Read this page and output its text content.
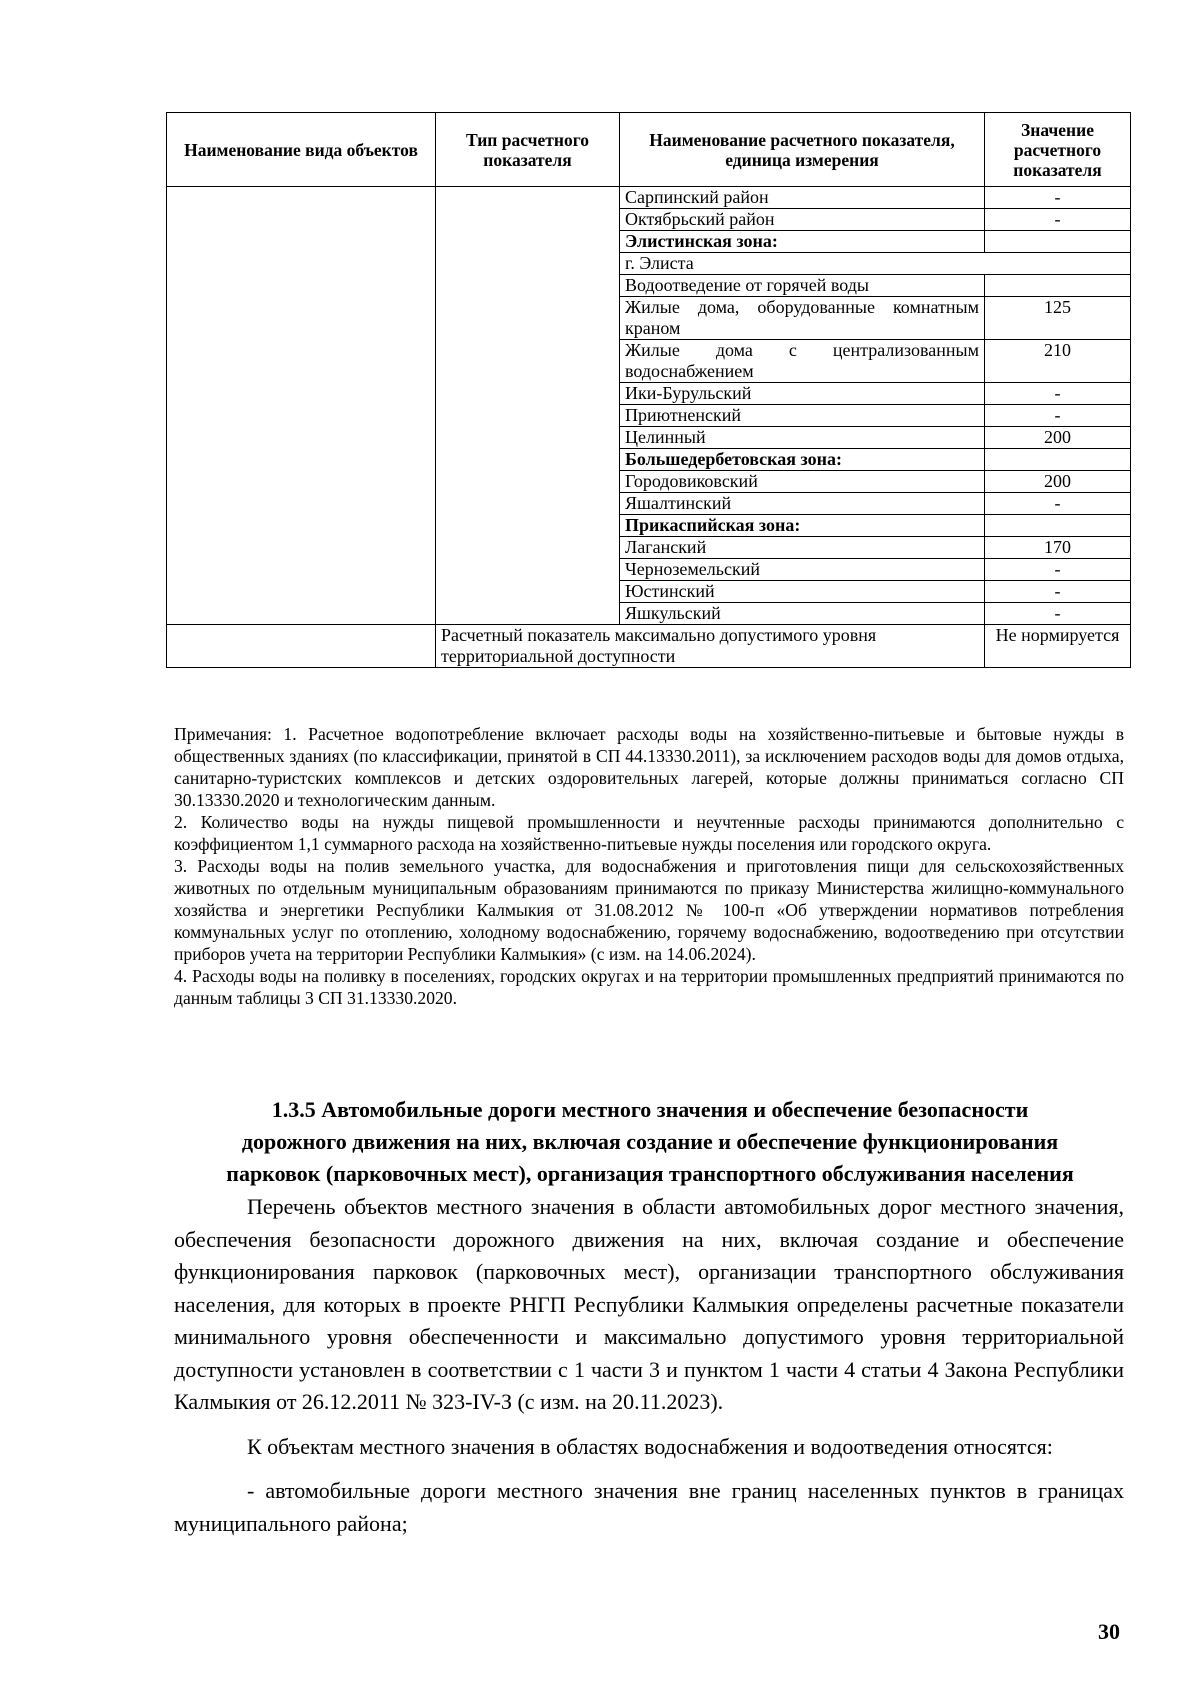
Наименование вида объектов	Тип расчетного показателя	Наименование расчетного показателя, единица измерения	Значение расчетного показателя
		Сарпинский район	-
		Октябрьский район	-
		Элистинская зона:	
		г. Элиста	
		Водоотведение от горячей воды	
		Жилые дома, оборудованные комнатным краном	125
		Жилые дома с централизованным водоснабжением	210
		Ики-Бурульский	-
		Приютненский	-
		Целинный	200
		Большедербетовская зона:	
		Городовиковский	200
		Яшалтинский	-
		Прикаспийская зона:	
		Лаганский	170
		Черноземельский	-
		Юстинский	-
		Яшкульский	-
	Расчетный показатель максимально допустимого уровня территориальной доступности		Не нормируется

Примечания: 1. Расчетное водопотребление включает расходы воды на хозяйственно-питьевые и бытовые нужды в общественных зданиях (по классификации, принятой в СП 44.13330.2011), за исключением расходов воды для домов отдыха, санитарно-туристских комплексов и детских оздоровительных лагерей, которые должны приниматься согласно СП 30.13330.2020 и технологическим данным.

2. Количество воды на нужды пищевой промышленности и неучтенные расходы принимаются дополнительно с коэффициентом 1,1 суммарного расхода на хозяйственно-питьевые нужды поселения или городского округа.

3. Расходы воды на полив земельного участка, для водоснабжения и приготовления пищи для сельскохозяйственных животных по отдельным муниципальным образованиям принимаются по приказу Министерства жилищно-коммунального хозяйства и энергетики Республики Калмыкия от 31.08.2012 № 100-п «Об утверждении нормативов потребления коммунальных услуг по отоплению, холодному водоснабжению, горячему водоснабжению, водоотведению при отсутствии приборов учета на территории Республики Калмыкия» (с изм. на 14.06.2024).

4. Расходы воды на поливку в поселениях, городских округах и на территории промышленных предприятий принимаются по данным таблицы 3 СП 31.13330.2020.

1.3.5 Автомобильные дороги местного значения и обеспечение безопасности

дорожного движения на них, включая создание и обеспечение функционирования

парковок (парковочных мест), организация транспортного обслуживания населения

Перечень объектов местного значения в области автомобильных дорог местного значения, обеспечения безопасности дорожного движения на них, включая создание и обеспечение функционирования парковок (парковочных мест), организации транспортного обслуживания населения, для которых в проекте РНГП Республики Калмыкия определены расчетные показатели минимального уровня обеспеченности и максимально допустимого уровня территориальной доступности установлен в соответствии с 1 части 3 и пунктом 1 части 4 статьи 4 Закона Республики Калмыкия от 26.12.2011 № 323-IV-З (с изм. на 20.11.2023).

К объектам местного значения в областях водоснабжения и водоотведения относятся:

- автомобильные дороги местного значения вне границ населенных пунктов в границах муниципального района;

30
